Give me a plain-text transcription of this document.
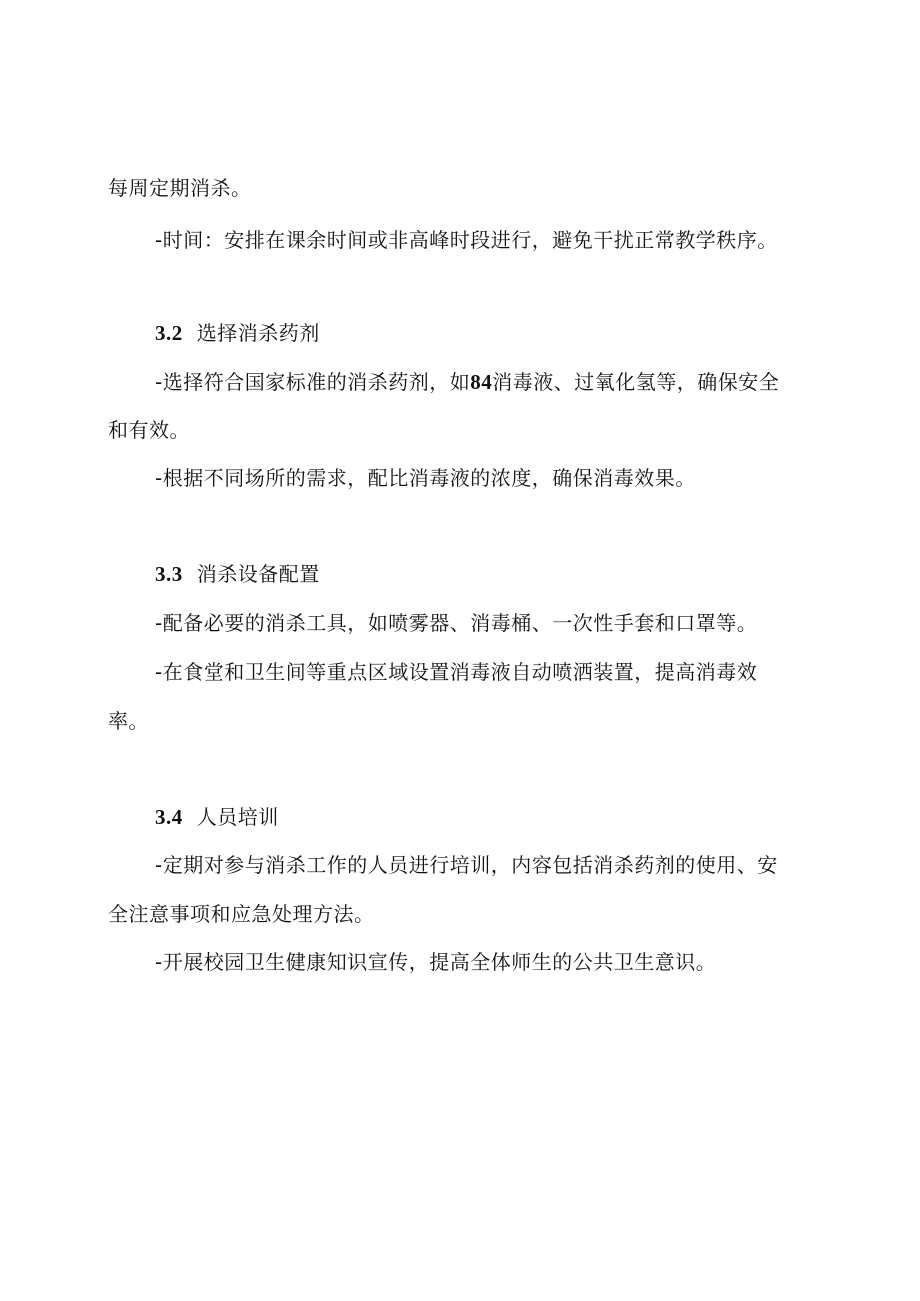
每周定期消杀。
-时间：安排在课余时间或非高峰时段进行，避免干扰正常教学秩序。
3.2 选择消杀药剂
-选择符合国家标准的消杀药剂，如84消毒液、过氧化氢等，确保安全
和有效。
-根据不同场所的需求，配比消毒液的浓度，确保消毒效果。
3.3 消杀设备配置
-配备必要的消杀工具，如喷雾器、消毒桶、一次性手套和口罩等。
-在食堂和卫生间等重点区域设置消毒液自动喷洒装置，提高消毒效
率。
3.4 人员培训
-定期对参与消杀工作的人员进行培训，内容包括消杀药剂的使用、安
全注意事项和应急处理方法。
-开展校园卫生健康知识宣传，提高全体师生的公共卫生意识。
